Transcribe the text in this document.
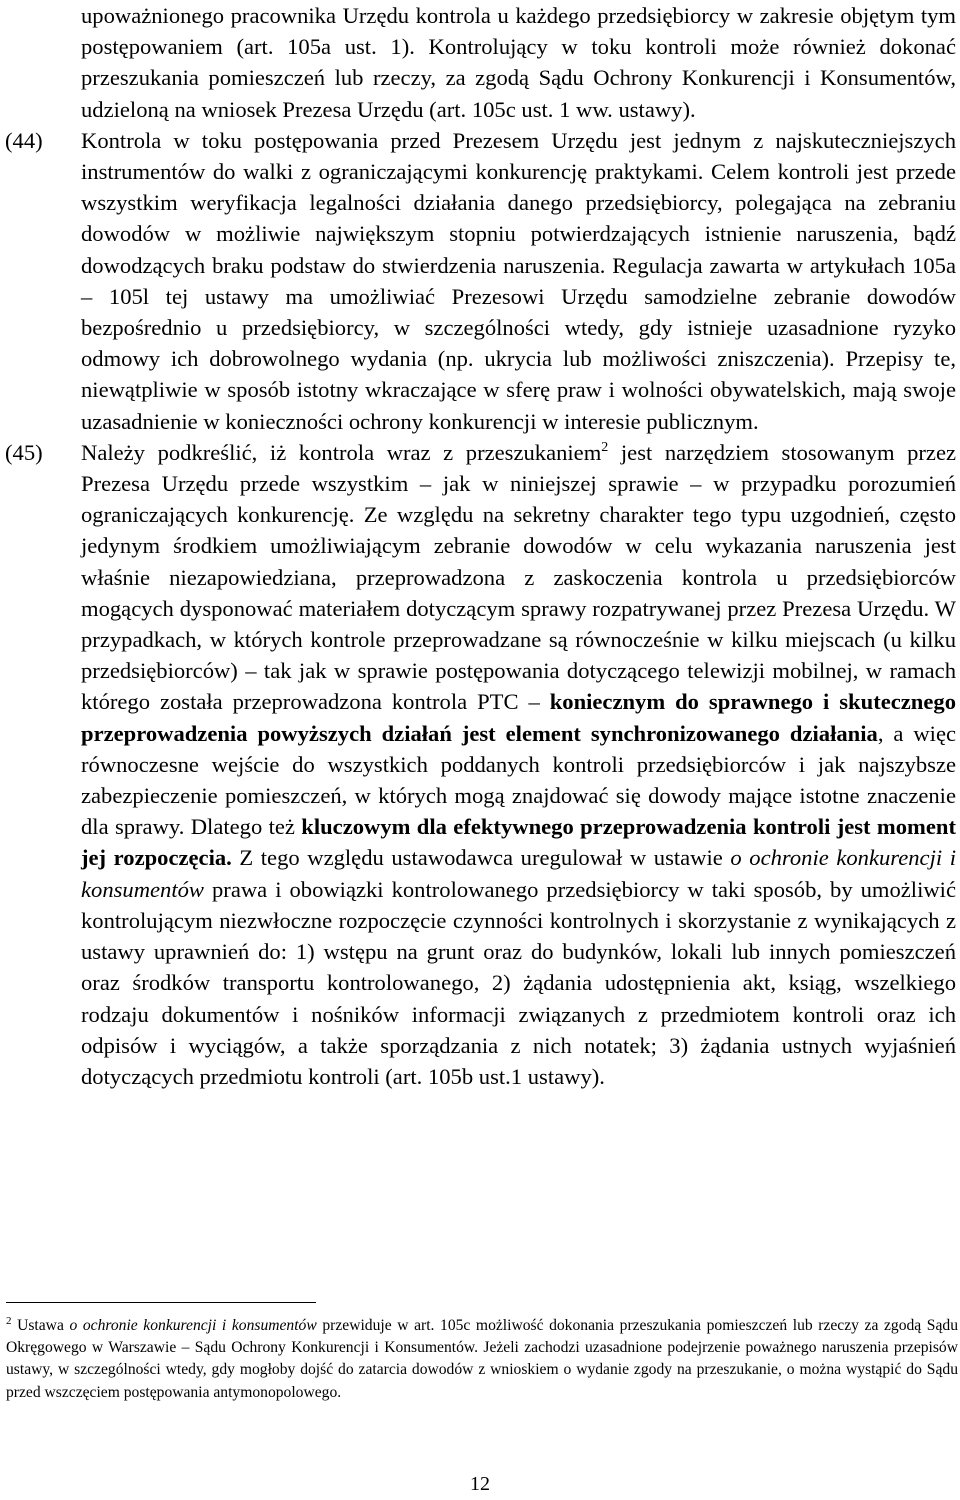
upoważnionego pracownika Urzędu kontrola u każdego przedsiębiorcy w zakresie objętym tym postępowaniem (art. 105a ust. 1). Kontrolujący w toku kontroli może również dokonać przeszukania pomieszczeń lub rzeczy, za zgodą Sądu Ochrony Konkurencji i Konsumentów, udzieloną na wniosek Prezesa Urzędu (art. 105c ust. 1 ww. ustawy).

(44) Kontrola w toku postępowania przed Prezesem Urzędu jest jednym z najskuteczniejszych instrumentów do walki z ograniczającymi konkurencję praktykami. Celem kontroli jest przede wszystkim weryfikacja legalności działania danego przedsiębiorcy, polegająca na zebraniu dowodów w możliwie największym stopniu potwierdzających istnienie naruszenia, bądź dowodzących braku podstaw do stwierdzenia naruszenia. Regulacja zawarta w artykułach 105a – 105l tej ustawy ma umożliwiać Prezesowi Urzędu samodzielne zebranie dowodów bezpośrednio u przedsiębiorcy, w szczególności wtedy, gdy istnieje uzasadnione ryzyko odmowy ich dobrowolnego wydania (np. ukrycia lub możliwości zniszczenia). Przepisy te, niewątpliwie w sposób istotny wkraczające w sferę praw i wolności obywatelskich, mają swoje uzasadnienie w konieczności ochrony konkurencji w interesie publicznym.
(45) Należy podkreślić, iż kontrola wraz z przeszukaniem$^2$ jest narzędziem stosowanym przez Prezesa Urzędu przede wszystkim – jak w niniejszej sprawie – w przypadku porozumień ograniczających konkurencję. Ze względu na sekretny charakter tego typu uzgodnień, często jedynym środkiem umożliwiającym zebranie dowodów w celu wykazania naruszenia jest właśnie niezapowiedziana, przeprowadzona z zaskoczenia kontrola u przedsiębiorców mogących dysponować materiałem dotyczącym sprawy rozpatrywanej przez Prezesa Urzędu. W przypadkach, w których kontrole przeprowadzane są równocześnie w kilku miejscach (u kilku przedsiębiorców) – tak jak w sprawie postępowania dotyczącego telewizji mobilnej, w ramach którego została przeprowadzona kontrola PTC – koniecznym do sprawnego i skutecznego przeprowadzenia powyższych działań jest element synchronizowanego działania, a więc równoczesne wejście do wszystkich poddanych kontroli przedsiębiorców i jak najszybsze zabezpieczenie pomieszczeń, w których mogą znajdować się dowody mające istotne znaczenie dla sprawy. Dlatego też kluczowym dla efektywnego przeprowadzenia kontroli jest moment jej rozpoczęcia. Z tego względu ustawodawca uregulował w ustawie o ochronie konkurencji i konsumentów prawa i obowiązki kontrolowanego przedsiębiorcy w taki sposób, by umożliwić kontrolującym niezwłoczne rozpoczęcie czynności kontrolnych i skorzystanie z wynikających z ustawy uprawnień do: 1) wstępu na grunt oraz do budynków, lokali lub innych pomieszczeń oraz środków transportu kontrolowanego, 2) żądania udostępnienia akt, ksiąg, wszelkiego rodzaju dokumentów i nośników informacji związanych z przedmiotem kontroli oraz ich odpisów i wyciągów, a także sporządzania z nich notatek; 3) żądania ustnych wyjaśnień dotyczących przedmiotu kontroli (art. 105b ust.1 ustawy).

$^2$ Ustawa o ochronie konkurencji i konsumentów przewiduje w art. 105c możliwość dokonania przeszukania pomieszczeń lub rzeczy za zgodą Sądu Okręgowego w Warszawie – Sądu Ochrony Konkurencji i Konsumentów. Jeżeli zachodzi uzasadnione podejrzenie poważnego naruszenia przepisów ustawy, w szczególności wtedy, gdy mogłoby dojść do zatarcia dowodów z wnioskiem o wydanie zgody na przeszukanie, o można wystąpić do Sądu przed wszczęciem postępowania antymonopolowego.

12
